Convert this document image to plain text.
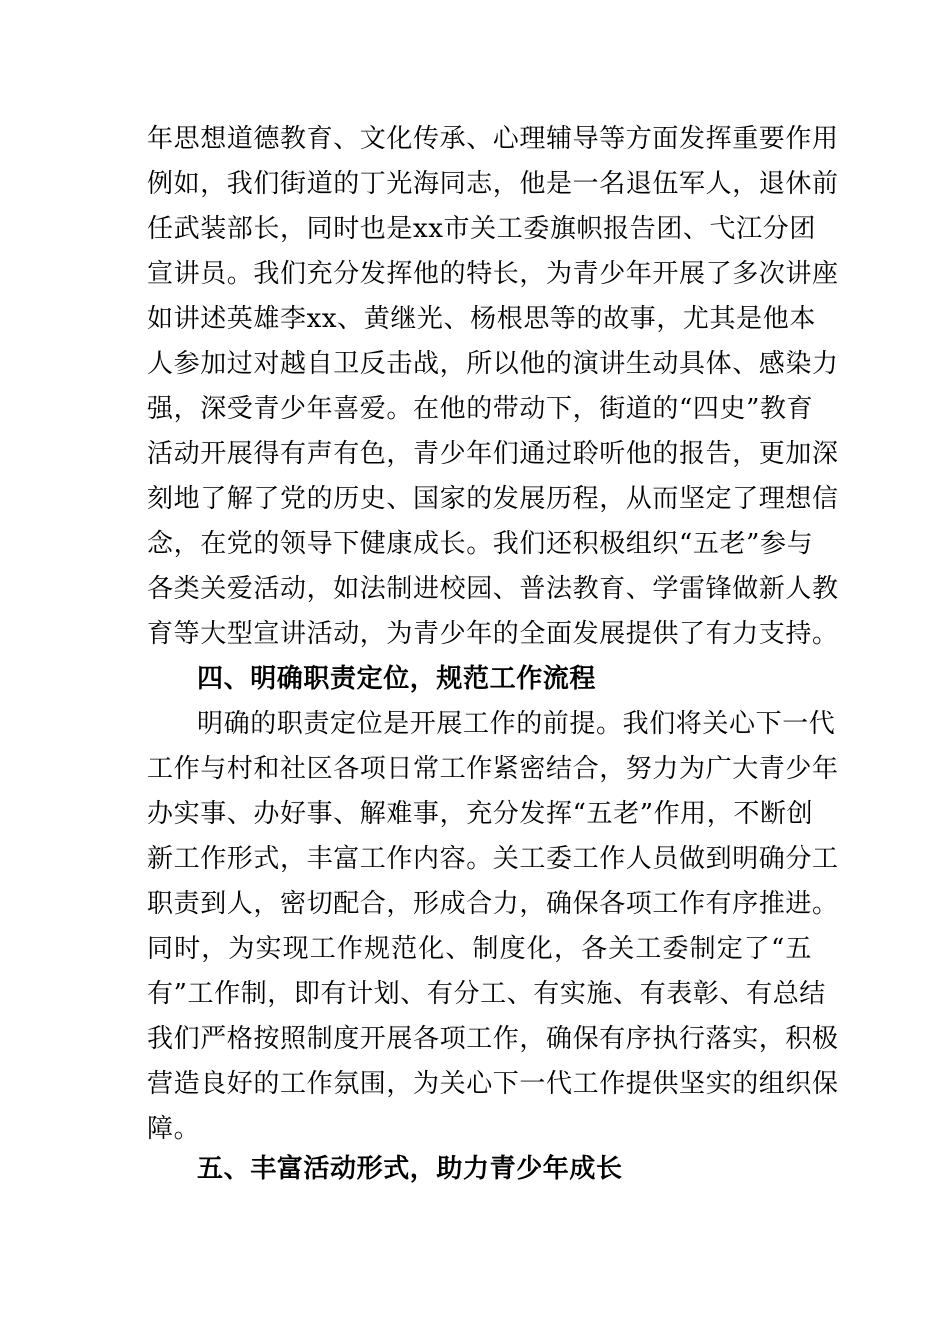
年思想道德教育、文化传承、心理辅导等方面发挥重要作用
例如，我们街道的丁光海同志，他是一名退伍军人，退休前
任武装部长，同时也是xx市关工委旗帜报告团、弋江分团
宣讲员。我们充分发挥他的特长，为青少年开展了多次讲座
如讲述英雄李xx、黄继光、杨根思等的故事，尤其是他本
人参加过对越自卫反击战，所以他的演讲生动具体、感染力
强，深受青少年喜爱。在他的带动下，街道的“四史”教育
活动开展得有声有色，青少年们通过聆听他的报告，更加深
刻地了解了党的历史、国家的发展历程，从而坚定了理想信
念，在党的领导下健康成长。我们还积极组织“五老”参与
各类关爱活动，如法制进校园、普法教育、学雷锋做新人教
育等大型宣讲活动，为青少年的全面发展提供了有力支持。
四、明确职责定位，规范工作流程
明确的职责定位是开展工作的前提。我们将关心下一代
工作与村和社区各项日常工作紧密结合，努力为广大青少年
办实事、办好事、解难事，充分发挥“五老”作用，不断创
新工作形式，丰富工作内容。关工委工作人员做到明确分工
职责到人，密切配合，形成合力，确保各项工作有序推进。
同时，为实现工作规范化、制度化，各关工委制定了“五
有”工作制，即有计划、有分工、有实施、有表彰、有总结
我们严格按照制度开展各项工作，确保有序执行落实，积极
营造良好的工作氛围，为关心下一代工作提供坚实的组织保
障。
五、丰富活动形式，助力青少年成长
